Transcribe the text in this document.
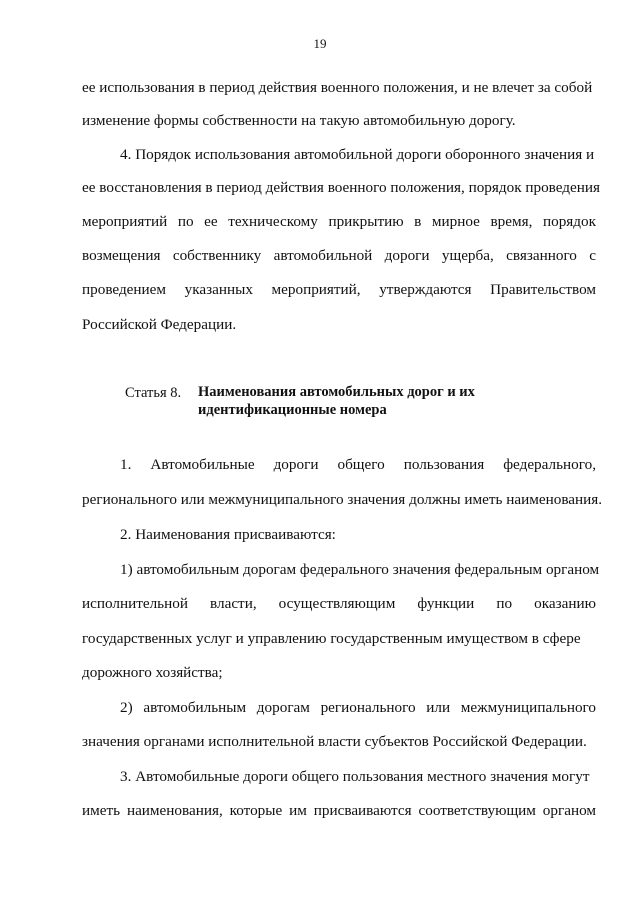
19
ее использования в период действия военного положения, и не влечет за собой
изменение формы собственности на такую автомобильную дорогу.
4. Порядок использования автомобильной дороги оборонного значения и
ее восстановления в период действия военного положения, порядок проведения
мероприятий по ее техническому прикрытию в мирное время, порядок
возмещения собственнику автомобильной дороги ущерба, связанного с
проведением указанных мероприятий, утверждаются Правительством
Российской Федерации.
Статья 8. Наименования автомобильных дорог и их
идентификационные номера
1. Автомобильные дороги общего пользования федерального,
регионального или межмуниципального значения должны иметь наименования.
2. Наименования присваиваются:
1) автомобильным дорогам федерального значения федеральным органом
исполнительной власти, осуществляющим функции по оказанию
государственных услуг и управлению государственным имуществом в сфере
дорожного хозяйства;
2) автомобильным дорогам регионального или межмуниципального
значения органами исполнительной власти субъектов Российской Федерации.
3. Автомобильные дороги общего пользования местного значения могут
иметь наименования, которые им присваиваются соответствующим органом
